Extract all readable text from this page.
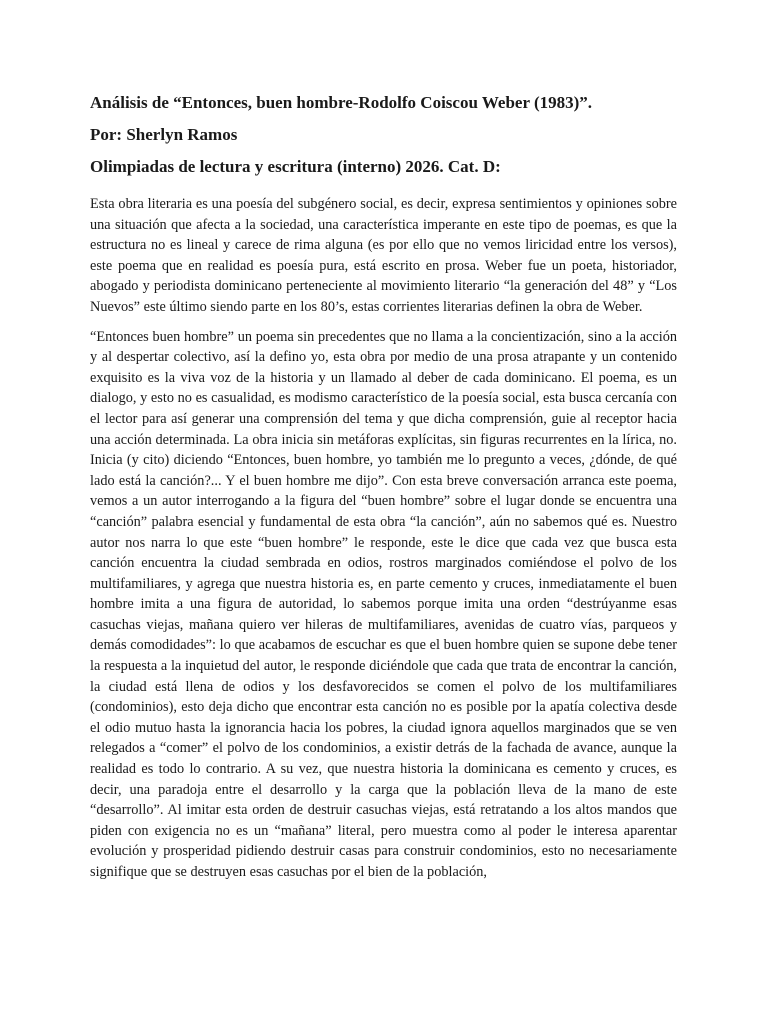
Análisis de “Entonces, buen hombre-Rodolfo Coiscou Weber (1983)”.
Por: Sherlyn Ramos
Olimpiadas de lectura y escritura (interno) 2026. Cat. D:

Esta obra literaria es una poesía del subgénero social, es decir, expresa sentimientos y opiniones sobre una situación que afecta a la sociedad, una característica imperante en este tipo de poemas, es que la estructura no es lineal y carece de rima alguna (es por ello que no vemos liricidad entre los versos), este poema que en realidad es poesía pura, está escrito en prosa. Weber fue un poeta, historiador, abogado y periodista dominicano perteneciente al movimiento literario “la generación del 48” y “Los Nuevos” este último siendo parte en los 80’s, estas corrientes literarias definen la obra de Weber.

“Entonces buen hombre” un poema sin precedentes que no llama a la concientización, sino a la acción y al despertar colectivo, así la defino yo, esta obra por medio de una prosa atrapante y un contenido exquisito es la viva voz de la historia y un llamado al deber de cada dominicano. El poema, es un dialogo, y esto no es casualidad, es modismo característico de la poesía social, esta busca cercanía con el lector para así generar una comprensión del tema y que dicha comprensión, guie al receptor hacia una acción determinada. La obra inicia sin metáforas explícitas, sin figuras recurrentes en la lírica, no. Inicia (y cito) diciendo “Entonces, buen hombre, yo también me lo pregunto a veces, ¿dónde, de qué lado está la canción?... Y el buen hombre me dijo”. Con esta breve conversación arranca este poema, vemos a un autor interrogando a la figura del “buen hombre” sobre el lugar donde se encuentra una “canción” palabra esencial y fundamental de esta obra “la canción”, aún no sabemos qué es. Nuestro autor nos narra lo que este “buen hombre” le responde, este le dice que cada vez que busca esta canción encuentra la ciudad sembrada en odios, rostros marginados comiéndose el polvo de los multifamiliares, y agrega que nuestra historia es, en parte cemento y cruces, inmediatamente el buen hombre imita a una figura de autoridad, lo sabemos porque imita una orden “destrúyanme esas casuchas viejas, mañana quiero ver hileras de multifamiliares, avenidas de cuatro vías, parqueos y demás comodidades”: lo que acabamos de escuchar es que el buen hombre quien se supone debe tener la respuesta a la inquietud del autor, le responde diciéndole que cada que trata de encontrar la canción, la ciudad está llena de odios y los desfavorecidos se comen el polvo de los multifamiliares (condominios), esto deja dicho que encontrar esta canción no es posible por la apatía colectiva desde el odio mutuo hasta la ignorancia hacia los pobres, la ciudad ignora aquellos marginados que se ven relegados a “comer” el polvo de los condominios, a existir detrás de la fachada de avance, aunque la realidad es todo lo contrario. A su vez, que nuestra historia la dominicana es cemento y cruces, es decir, una paradoja entre el desarrollo y la carga que la población lleva de la mano de este “desarrollo”. Al imitar esta orden de destruir casuchas viejas, está retratando a los altos mandos que piden con exigencia no es un “mañana” literal, pero muestra como al poder le interesa aparentar evolución y prosperidad pidiendo destruir casas para construir condominios, esto no necesariamente signifique que se destruyen esas casuchas por el bien de la población,
